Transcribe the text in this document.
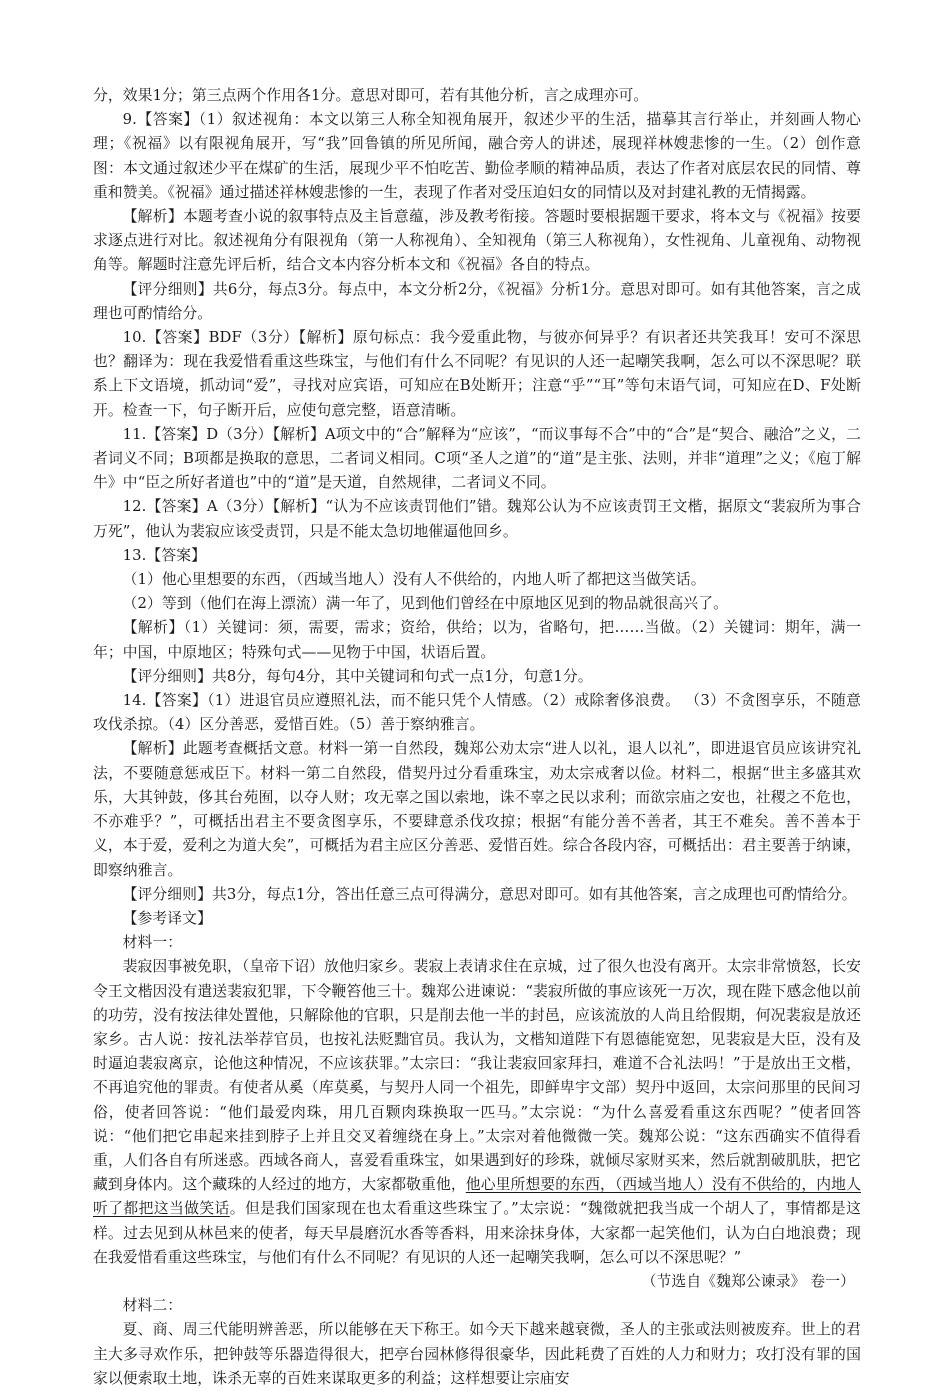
分，效果1分；第三点两个作用各1分。意思对即可，若有其他分析，言之成理亦可。

9.【答案】（1）叙述视角：本文以第三人称全知视角展开，叙述少平的生活，描摹其言行举止，并刻画人物心理；《祝福》以有限视角展开，写“我”回鲁镇的所见所闻，融合旁人的讲述，展现祥林嫂悲惨的一生。（2）创作意图：本文通过叙述少平在煤矿的生活，展现少平不怕吃苦、勤俭孝顺的精神品质，表达了作者对底层农民的同情、尊重和赞美。《祝福》通过描述祥林嫂悲惨的一生，表现了作者对受压迫妇女的同情以及对封建礼教的无情揭露。

【解析】本题考查小说的叙事特点及主旨意蕴，涉及教考衔接。答题时要根据题干要求，将本文与《祝福》按要求逐点进行对比。叙述视角分有限视角（第一人称视角）、全知视角（第三人称视角），女性视角、儿童视角、动物视角等。解题时注意先评后析，结合文本内容分析本文和《祝福》各自的特点。

【评分细则】共6分，每点3分。每点中，本文分析2分，《祝福》分析1分。意思对即可。如有其他答案，言之成理也可酌情给分。

10.【答案】BDF（3分）【解析】原句标点：我今爱重此物，与彼亦何异乎？有识者还共笑我耳！安可不深思也？翻译为：现在我爱惜看重这些珠宝，与他们有什么不同呢？有见识的人还一起嘲笑我啊，怎么可以不深思呢？联系上下文语境，抓动词“爱”，寻找对应宾语，可知应在B处断开；注意“乎”“耳”等句末语气词，可知应在D、F处断开。检查一下，句子断开后，应使句意完整，语意清晰。

11.【答案】D（3分）【解析】A项文中的“合”解释为“应该”，“而议事每不合”中的“合”是“契合、融洽”之义，二者词义不同；B项都是换取的意思，二者词义相同。C项“圣人之道”的“道”是主张、法则，并非“道理”之义；《庖丁解牛》中“臣之所好者道也”中的“道”是天道，自然规律，二者词义不同。

12.【答案】A（3分）【解析】“认为不应该责罚他们”错。魏郑公认为不应该责罚王文楷，据原文“裴寂所为事合万死”，他认为裴寂应该受责罚，只是不能太急切地催逼他回乡。

13.【答案】

（1）他心里想要的东西，（西域当地人）没有人不供给的，内地人听了都把这当做笑话。

（2）等到（他们在海上漂流）满一年了，见到他们曾经在中原地区见到的物品就很高兴了。

【解析】（1）关键词：须，需要，需求；资给，供给；以为，省略句，把……当做。（2）关键词：期年，满一年；中国，中原地区；特殊句式——见物于中国，状语后置。

【评分细则】共8分，每句4分，其中关键词和句式一点1分，句意1分。

14.【答案】（1）进退官员应遵照礼法，而不能只凭个人情感。（2）戒除奢侈浪费。 （3）不贪图享乐，不随意攻伐杀掠。（4）区分善恶，爱惜百姓。（5）善于察纳雅言。

【解析】此题考查概括文意。材料一第一自然段，魏郑公劝太宗“进人以礼，退人以礼”，即进退官员应该讲究礼法，不要随意惩戒臣下。材料一第二自然段，借契丹过分看重珠宝，劝太宗戒奢以俭。材料二，根据“世主多盛其欢乐，大其钟鼓，侈其台苑囿，以夺人财；攻无辜之国以索地，诛不辜之民以求利；而欲宗庙之安也，社稷之不危也，不亦难乎？”，可概括出君主不要贪图享乐，不要肆意杀伐攻掠；根据“有能分善不善者，其王不难矣。善不善本于义，本于爱，爱利之为道大矣”，可概括为君主应区分善恶、爱惜百姓。综合各段内容，可概括出：君主要善于纳谏，即察纳雅言。

【评分细则】共3分，每点1分，答出任意三点可得满分，意思对即可。如有其他答案，言之成理也可酌情给分。

【参考译文】

材料一：

裴寂因事被免职，（皇帝下诏）放他归家乡。裴寂上表请求住在京城，过了很久也没有离开。太宗非常愤怒，长安令王文楷因没有遣送裴寂犯罪，下令鞭笞他三十。魏郑公进谏说：“裴寂所做的事应该死一万次，现在陛下感念他以前的功劳，没有按法律处置他，只解除他的官职，只是削去他一半的封邑，应该流放的人尚且给假期，何况裴寂是放还家乡。古人说：按礼法举荐官员，也按礼法贬黜官员。我认为，文楷知道陛下有恩德能宽恕，见裴寂是大臣，没有及时逼迫裴寂离京，论他这种情况，不应该获罪。”太宗曰：“我让裴寂回家拜扫，难道不合礼法吗！”于是放出王文楷，不再追究他的罪责。有使者从奚（库莫奚，与契丹人同一个祖先，即鲜卑宇文部）契丹中返回，太宗问那里的民间习俗，使者回答说：“他们最爱肉珠，用几百颗肉珠换取一匹马。”太宗说：“为什么喜爱看重这东西呢？”使者回答说：“他们把它串起来挂到脖子上并且交叉着缠绕在身上。”太宗对着他微微一笑。魏郑公说：“这东西确实不值得看重，人们各自有所迷惑。西域各商人，喜爱看重珠宝，如果遇到好的珍珠，就倾尽家财买来，然后就割破肌肤，把它藏到身体内。这个藏珠的人经过的地方，大家都敬重他，他心里所想要的东西，（西域当地人）没有不供给的，内地人听了都把这当做笑话。但是我们国家现在也太看重这些珠宝了。”太宗说：“魏徵就把我当成一个胡人了，事情都是这样。过去见到从林邑来的使者，每天早晨磨沉水香等香料，用来涂抹身体，大家都一起笑他们，认为白白地浪费；现在我爱惜看重这些珠宝，与他们有什么不同呢？有见识的人还一起嘲笑我啊，怎么可以不深思呢？”

（节选自《魏郑公谏录》 卷一）

材料二：

夏、商、周三代能明辨善恶，所以能够在天下称王。如今天下越来越衰微，圣人的主张或法则被废弃。世上的君主大多寻欢作乐，把钟鼓等乐器造得很大，把亭台园林修得很豪华，因此耗费了百姓的人力和财力；攻打没有罪的国家以便索取土地，诛杀无辜的百姓来谋取更多的利益；这样想要让宗庙安
